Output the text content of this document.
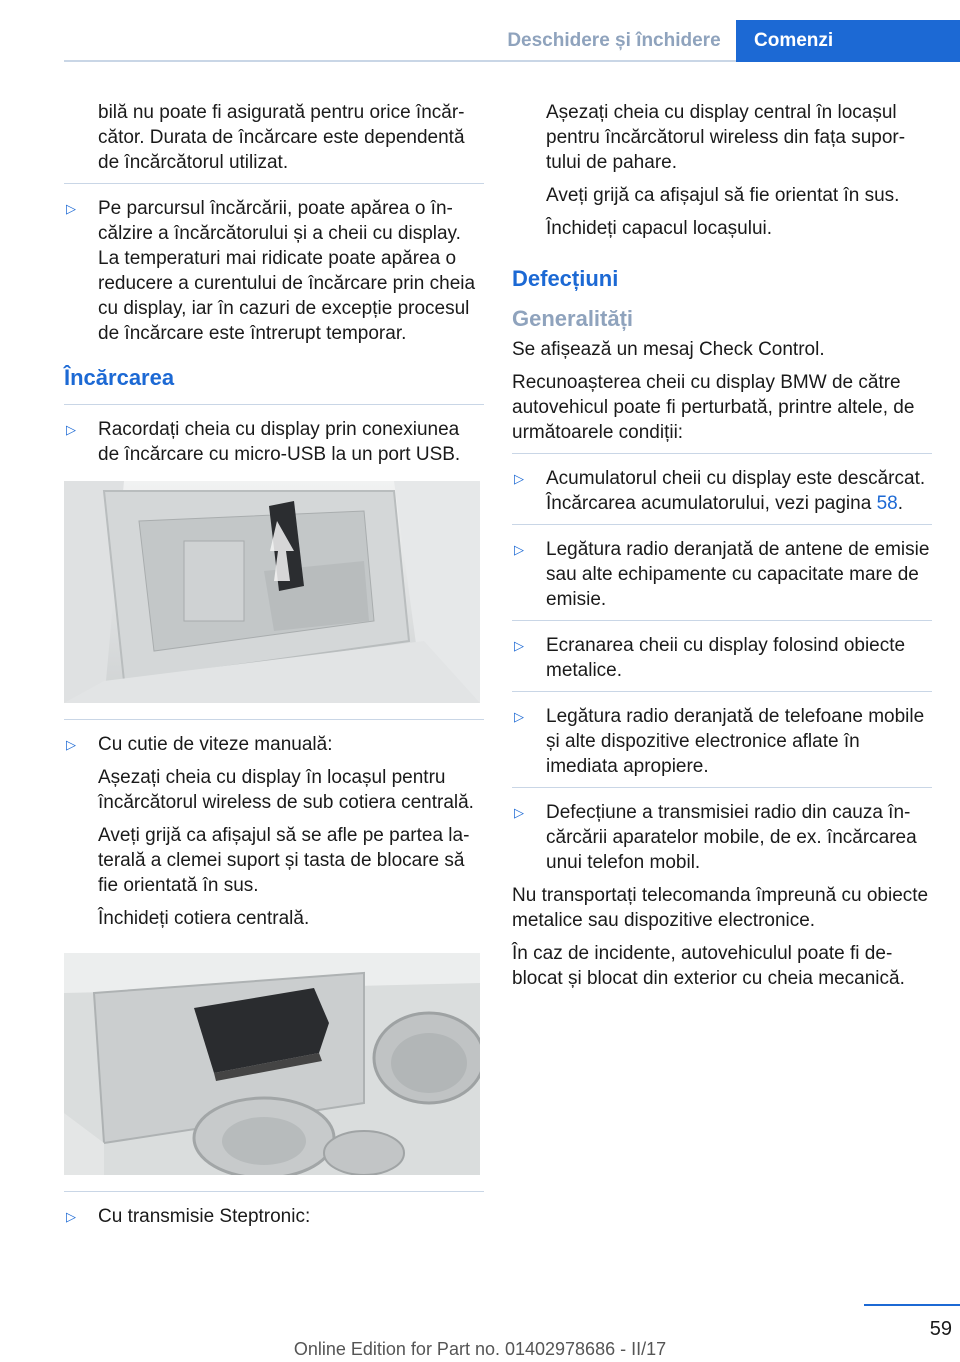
Deschidere și închidere	Comenzi

bilă nu poate fi asigurată pentru orice încărcător. Durata de încărcare este dependentă de încărcătorul utilizat.

▷	Pe parcursul încărcării, poate apărea o încălzire a încărcătorului și a cheii cu display. La temperaturi mai ridicate poate apărea o reducere a curentului de încărcare prin cheia cu display, iar în cazuri de excepție procesul de încărcare este întrerupt temporar.
Încărcarea
▷	Racordați cheia cu display prin conexiunea de încărcare cu micro-USB la un port USB.
▷	Cu cutie de viteze manuală:

Așezați cheia cu display în locașul pentru încărcătorul wireless de sub cotiera centrală.

Aveți grijă ca afișajul să se afle pe partea laterală a clemei suport și tasta de blocare să fie orientată în sus.

Închideți cotiera centrală.

▷	Cu transmisie Steptronic:

Așezați cheia cu display central în locașul pentru încărcătorul wireless din fața suportului de pahare.

Aveți grijă ca afișajul să fie orientat în sus.

Închideți capacul locașului.

Defecțiuni
Generalități

Se afișează un mesaj Check Control.

Recunoașterea cheii cu display BMW de către autovehicul poate fi perturbată, printre altele, de următoarele condiții:

▷	Acumulatorul cheii cu display este descărcat. Încărcarea acumulatorului, vezi pagina 58.
▷	Legătura radio deranjată de antene de emisie sau alte echipamente cu capacitate mare de emisie.
▷	Ecranarea cheii cu display folosind obiecte metalice.
▷	Legătura radio deranjată de telefoane mobile și alte dispozitive electronice aflate în imediata apropiere.
▷	Defecțiune a transmisiei radio din cauza încărcării aparatelor mobile, de ex. încărcarea unui telefon mobil.

Nu transportați telecomanda împreună cu obiecte metalice sau dispozitive electronice.

În caz de incidente, autovehiculul poate fi deblocat și blocat din exterior cu cheia mecanică.

59
Online Edition for Part no. 01402978686 - II/17
